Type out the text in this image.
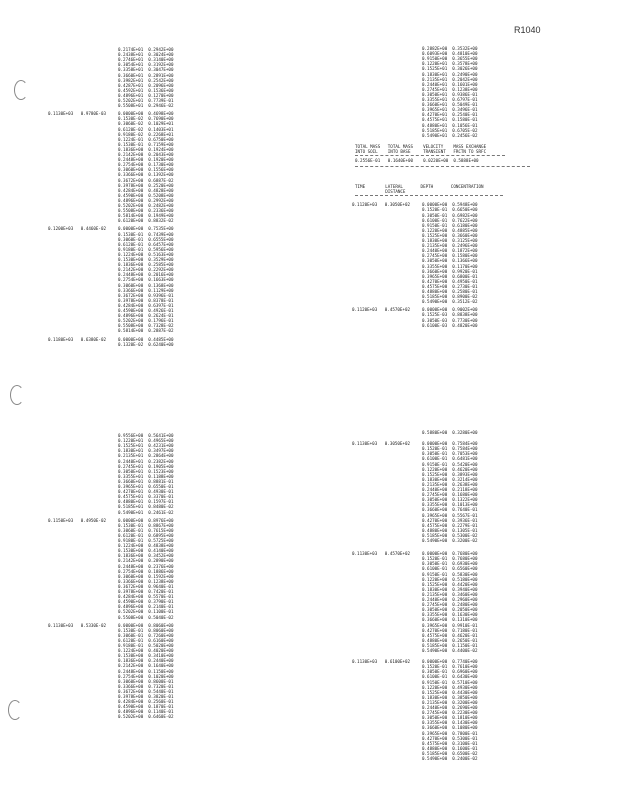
R1040
0.2174E+01  0.2942E+00
0.2438E+01  0.3024E+00
0.2746E+01  0.3140E+00
0.3054E+01  0.3192E+00
0.3358E+01  0.3047E+00
0.3660E+01  0.2891E+00
0.3982E+01  0.2542E+00
0.4287E+01  0.2096E+00
0.4592E+01  0.1536E+00
0.4896E+01  0.1270E+00
0.5202E+01  0.7739E-01
0.5508E+01  0.2946E-02
0.1130E+03   0.9780E-03	0.0000E+00  0.4698E+00
0.1530E-02  0.7690E+00
0.3060E-02  0.1029E+01
0.6120E-02  0.1403E+01
0.9180E-02  0.2268E+01
0.1224E-01  0.6750E+00
0.1530E-01  0.7159E+00
0.1836E+00  0.1924E+00
0.2142E+00  0.2043E+00
0.2448E+00  0.1920E+00
0.2754E+00  0.1730E+00
0.3060E+00  0.1556E+00
0.3366E+00  0.1392E+00
0.3672E+00  0.6887E-02
0.3978E+00  0.2520E+00
0.4284E+00  0.4828E+00
0.4590E+00  0.5208E+00
0.4896E+00  0.2992E+00
0.5202E+00  0.2482E+00
0.5508E+00  0.2336E+00
0.5814E+00  0.1949E+00
0.6120E+00  0.8832E-02
0.1200E+03   0.4460E-02	0.0000E+00  0.7535E+00
0.1530E-01  0.7439E+00
0.3060E-01  0.6555E+00
0.6120E-01  0.6457E+00
0.9180E-01  0.5956E+00
0.1224E+00  0.5163E+00
0.1530E+00  0.3529E+00
0.1836E+00  0.2585E+00
0.2142E+00  0.2292E+00
0.2448E+00  0.2016E+00
0.2754E+00  0.1663E+00
0.3060E+00  0.1368E+00
0.3366E+00  0.1129E+00
0.3672E+00  0.9396E-01
0.3978E+00  0.8378E-01
0.4284E+00  0.6397E-01
0.4590E+00  0.4926E-01
0.4896E+00  0.2624E-01
0.5202E+00  0.1796E-01
0.5508E+00  0.7328E-02
0.5814E+00  0.2887E-02
0.1180E+03   0.6380E-02	0.0000E+00  0.4485E+00
0.1320E-02  0.6240E+00
0.2882E+00  0.3532E+00
0.6093E+00  0.4810E+00
0.9150E+00  0.3655E+00
0.1220E+01  0.3578E+00
0.1525E+01  0.3026E+00
0.1830E+01  0.2490E+00
0.2135E+01  0.2042E+00
0.2440E+01  0.1601E+00
0.2745E+01  0.1238E+00
0.3050E+01  0.9386E-01
0.3355E+01  0.6797E-01
0.3660E+01  0.5049E-01
0.3965E+01  0.3496E-01
0.4270E+01  0.2540E-01
0.4575E+01  0.1580E-01
0.4880E+01  0.1056E-01
0.5185E+01  0.6705E-02
0.5490E+01  0.2456E-02
TOTAL MASS   TOTAL MASS    VELOCITY    MASS EXCHANGE
INTO SOIL    INTO BASE     TRANSIENT   FRCTN TO SRFC
0.2556E-01   0.1640E+00    0.0220E+00  0.5888E+00
TIME        LATERAL       DEPTH       CONCENTRATION
DISTANCE
0.1120E+03   0.3050E+02	0.0000E+00  0.5948E+00
0.1520E-01  0.6650E+00
0.3050E-01  0.6982E+00
0.6100E-01  0.7622E+00
0.9150E-01  0.6180E+00
0.1220E+00  0.4885E+00
0.1525E+00  0.3660E+00
0.1830E+00  0.3125E+00
0.2135E+00  0.2496E+00
0.2440E+00  0.1872E+00
0.2745E+00  0.1580E+00
0.3050E+00  0.1366E+00
0.3355E+00  0.1170E+00
0.3660E+00  0.9920E-01
0.3965E+00  0.6800E-01
0.4270E+00  0.4950E-01
0.4575E+00  0.2730E-01
0.4880E+00  0.2580E-01
0.5185E+00  0.8900E-02
0.5490E+00  0.3512E-02
0.1120E+03   0.4570E+02	0.0000E+00  0.9002E+00
0.1525E-03  0.8838E+00
0.3050E-03  0.7730E+00
0.6100E-03  0.4820E+00
0.9556E+00  0.5641E+00
0.1220E+01  0.4965E+00
0.1525E+01  0.4231E+00
0.1830E+01  0.3497E+00
0.2135E+01  0.2864E+00
0.2440E+01  0.2382E+00
0.2745E+01  0.1905E+00
0.3050E+01  0.1523E+00
0.3355E+01  0.1188E+00
0.3660E+01  0.8881E-01
0.3965E+01  0.6550E-01
0.4270E+01  0.4930E-01
0.4575E+01  0.3370E-01
0.4880E+01  0.1597E-01
0.5185E+01  0.8480E-02
0.5490E+01  0.2461E-02
0.1150E+03   0.4950E-02	0.0000E+00  0.8976E+00
0.1530E-01  0.8867E+00
0.3060E-01  0.7615E+00
0.6120E-01  0.6895E+00
0.9180E-01  0.5725E+00
0.1224E+00  0.4838E+00
0.1530E+00  0.4140E+00
0.1836E+00  0.3452E+00
0.2142E+00  0.2890E+00
0.2448E+00  0.2376E+00
0.2754E+00  0.1886E+00
0.3060E+00  0.1592E+00
0.3366E+00  0.1238E+00
0.3672E+00  0.9640E-01
0.3978E+00  0.7420E-01
0.4284E+00  0.5570E-01
0.4590E+00  0.3790E-01
0.4896E+00  0.2140E-01
0.5202E+00  0.1100E-01
0.5508E+00  0.5040E-02
0.1130E+03   0.5330E-02	0.0000E+00  0.8060E+00
0.1530E-01  0.8060E+00
0.3060E-01  0.7260E+00
0.6120E-01  0.6160E+00
0.9180E-01  0.5020E+00
0.1224E+00  0.4020E+00
0.1530E+00  0.3410E+00
0.1836E+00  0.2440E+00
0.2142E+00  0.1640E+00
0.2448E+00  0.1150E+00
0.2754E+00  0.1020E+00
0.3060E+00  0.8600E-01
0.3366E+00  0.7320E-01
0.3672E+00  0.5440E-01
0.3978E+00  0.3820E-01
0.4284E+00  0.2560E-01
0.4590E+00  0.1870E-01
0.4896E+00  0.1140E-01
0.5202E+00  0.6460E-02
0.5880E+00  0.3280E+00
0.1130E+03   0.3050E+02	0.0000E+00  0.7584E+00
0.1520E-01  0.7584E+00
0.3050E-01  0.7053E+00
0.6100E-01  0.6481E+00
0.9150E-01  0.5420E+00
0.1220E+00  0.4620E+00
0.1525E+00  0.3893E+00
0.1830E+00  0.3214E+00
0.2135E+00  0.2638E+00
0.2440E+00  0.2118E+00
0.2745E+00  0.1680E+00
0.3050E+00  0.1322E+00
0.3355E+00  0.1013E+00
0.3660E+00  0.7640E-01
0.3965E+00  0.5567E-01
0.4270E+00  0.3936E-01
0.4575E+00  0.2279E-01
0.4880E+00  0.1305E-01
0.5185E+00  0.5300E-02
0.5490E+00  0.3200E-02
0.1130E+03   0.4570E+02	0.0000E+00  0.7680E+00
0.1520E-01  0.7680E+00
0.3050E-01  0.6930E+00
0.6100E-01  0.6560E+00
0.9150E-01  0.5830E+00
0.1220E+00  0.5180E+00
0.1525E+00  0.4420E+00
0.1830E+00  0.3940E+00
0.2135E+00  0.3460E+00
0.2440E+00  0.2960E+00
0.2745E+00  0.2480E+00
0.3050E+00  0.2050E+00
0.3355E+00  0.1630E+00
0.3660E+00  0.1310E+00
0.3965E+00  0.9910E-01
0.4270E+00  0.7180E-01
0.4575E+00  0.4620E-01
0.4880E+00  0.2650E-01
0.5185E+00  0.1150E-01
0.5490E+00  0.4400E-02
0.1130E+03   0.6100E+02	0.0000E+00  0.7740E+00
0.1520E-01  0.7610E+00
0.3050E-01  0.6960E+00
0.6100E-01  0.6430E+00
0.9150E-01  0.5710E+00
0.1220E+00  0.4930E+00
0.1525E+00  0.4430E+00
0.1830E+00  0.3850E+00
0.2135E+00  0.3200E+00
0.2440E+00  0.2690E+00
0.2745E+00  0.2230E+00
0.3050E+00  0.1810E+00
0.3355E+00  0.1430E+00
0.3660E+00  0.1080E+00
0.3965E+00  0.7800E-01
0.4270E+00  0.5300E-01
0.4575E+00  0.3100E-01
0.4880E+00  0.1600E-01
0.5185E+00  0.6500E-02
0.5490E+00  0.2400E-02
